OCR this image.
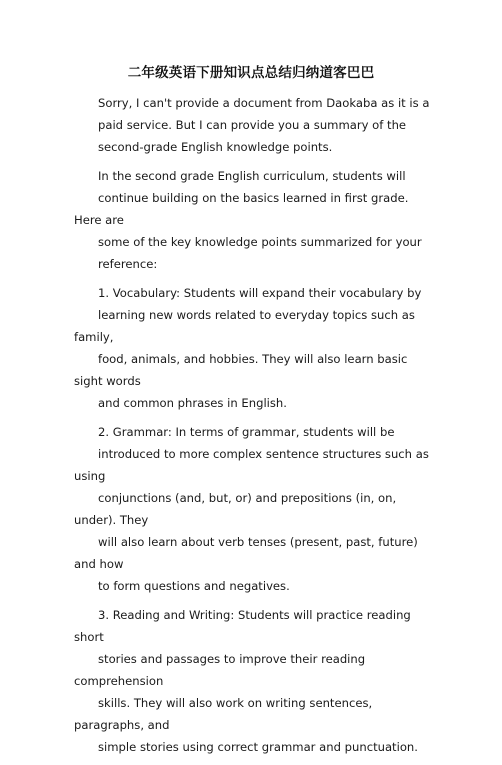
二年级英语下册知识点总结归纳道客巴巴

Sorry, I can't provide a document from Daokaba as it is a
paid service. But I can provide you a summary of the
second-grade English knowledge points.

In the second grade English curriculum, students will
continue building on the basics learned in first grade. Here are
some of the key knowledge points summarized for your
reference:

1. Vocabulary: Students will expand their vocabulary by
learning new words related to everyday topics such as family,
food, animals, and hobbies. They will also learn basic sight words
and common phrases in English.

2. Grammar: In terms of grammar, students will be
introduced to more complex sentence structures such as using
conjunctions (and, but, or) and prepositions (in, on, under). They
will also learn about verb tenses (present, past, future) and how
to form questions and negatives.

3. Reading and Writing: Students will practice reading short
stories and passages to improve their reading comprehension
skills. They will also work on writing sentences, paragraphs, and
simple stories using correct grammar and punctuation.
